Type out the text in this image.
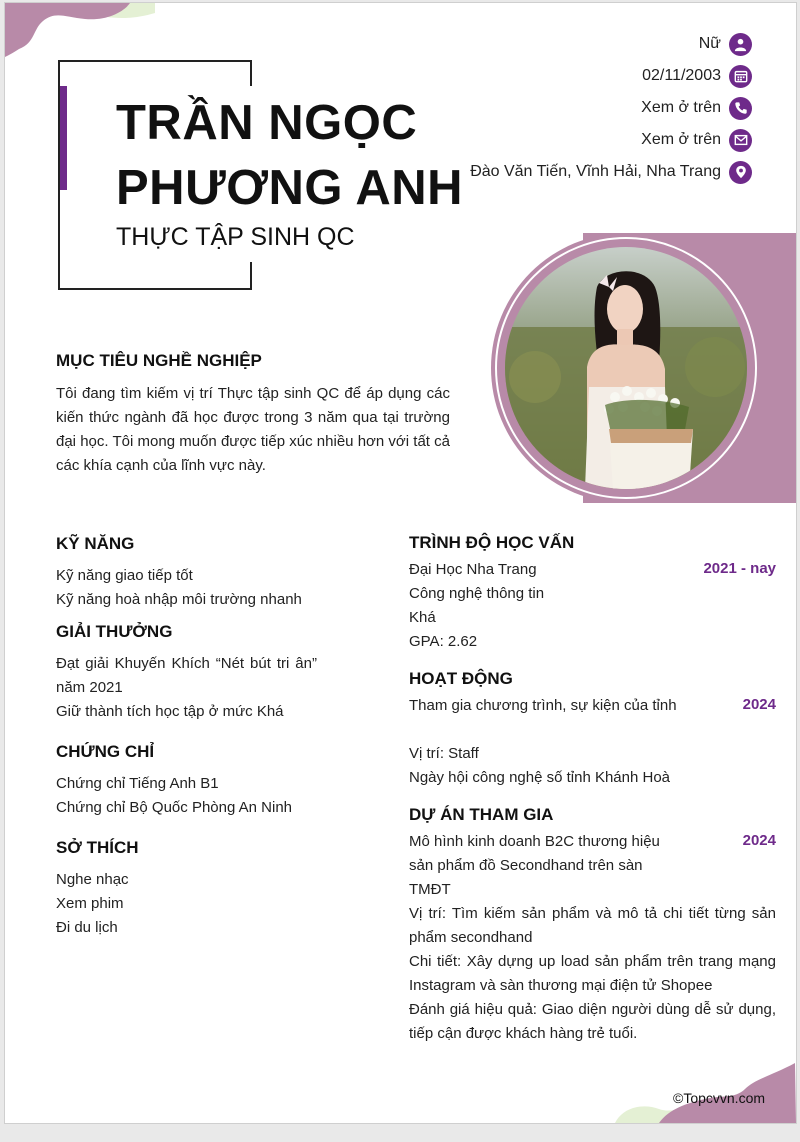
TRẦN NGỌC
PHƯƠNG ANH
THỰC TẬP SINH QC
Nữ
02/11/2003
Xem ở trên
Xem ở trên
Đào Văn Tiến, Vĩnh Hải, Nha Trang
MỤC TIÊU NGHỀ NGHIỆP
Tôi đang tìm kiếm vị trí Thực tập sinh QC để áp dụng các kiến thức ngành đã học được trong 3 năm qua tại trường đại học. Tôi mong muốn được tiếp xúc nhiều hơn với tất cả các khía cạnh của lĩnh vực này.
KỸ NĂNG
Kỹ năng giao tiếp tốt
Kỹ năng hoà nhập môi trường nhanh
GIẢI THƯỞNG
Đạt giải Khuyến Khích “Nét bút tri ân” năm 2021
Giữ thành tích học tập ở mức Khá
CHỨNG CHỈ
Chứng chỉ Tiếng Anh B1
Chứng chỉ Bộ Quốc Phòng An Ninh
SỞ THÍCH
Nghe nhạc
Xem phim
Đi du lịch
TRÌNH ĐỘ HỌC VẤN
Đại Học Nha Trang	2021 - nay
Công nghệ thông tin
Khá
GPA: 2.62
HOẠT ĐỘNG
Tham gia chương trình, sự kiện của tỉnh	2024
Vị trí: Staff
Ngày hội công nghệ số tỉnh Khánh Hoà
DỰ ÁN THAM GIA
Mô hình kinh doanh B2C thương hiệu sản phẩm đồ Secondhand trên sàn TMĐT
2024
Vị trí: Tìm kiếm sản phẩm và mô tả chi tiết từng sản phẩm secondhand
Chi tiết: Xây dựng up load sản phẩm trên trang mạng Instagram và sàn thương mại điện tử Shopee
Đánh giá hiệu quả: Giao diện người dùng dễ sử dụng, tiếp cận được khách hàng trẻ tuổi.
©Topcvvn.com
